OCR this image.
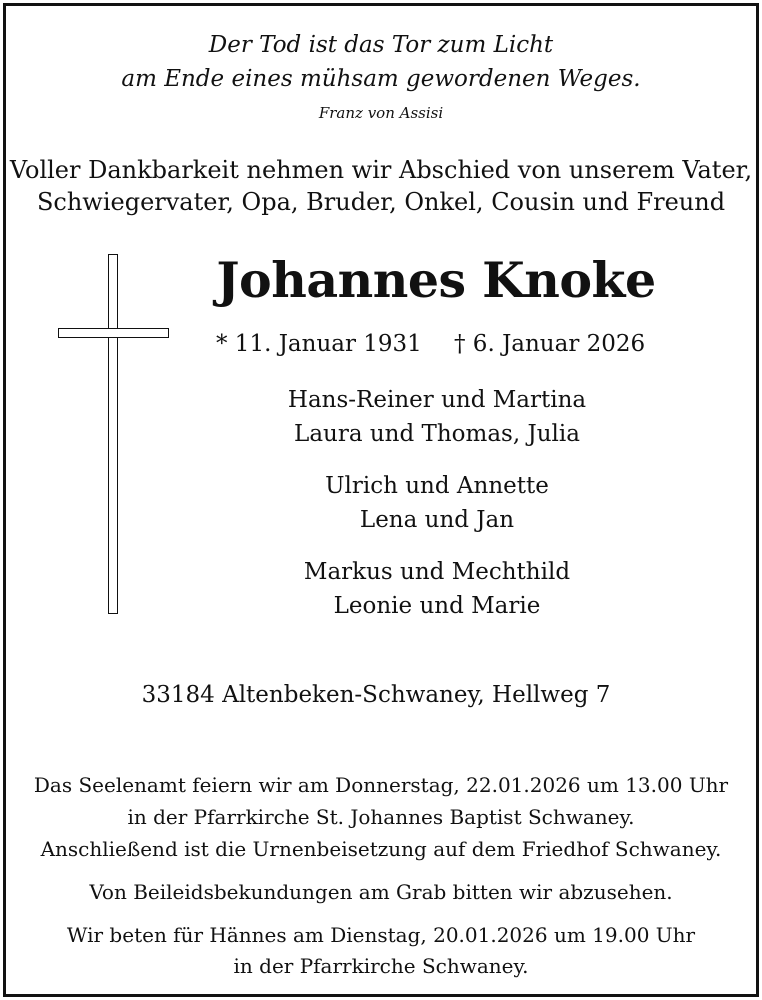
Der Tod ist das Tor zum Licht
am Ende eines mühsam gewordenen Weges.
Franz von Assisi
Voller Dankbarkeit nehmen wir Abschied von unserem Vater,
Schwiegervater, Opa, Bruder, Onkel, Cousin und Freund
Johannes Knoke
* 11. Januar 1931 † 6. Januar 2026
Hans-Reiner und Martina
Laura und Thomas, Julia
Ulrich und Annette
Lena und Jan
Markus und Mechthild
Leonie und Marie
33184 Altenbeken-Schwaney, Hellweg 7
Das Seelenamt feiern wir am Donnerstag, 22.01.2026 um 13.00 Uhr
in der Pfarrkirche St. Johannes Baptist Schwaney.
Anschließend ist die Urnenbeisetzung auf dem Friedhof Schwaney.
Von Beileidsbekundungen am Grab bitten wir abzusehen.
Wir beten für Hännes am Dienstag, 20.01.2026 um 19.00 Uhr
in der Pfarrkirche Schwaney.
